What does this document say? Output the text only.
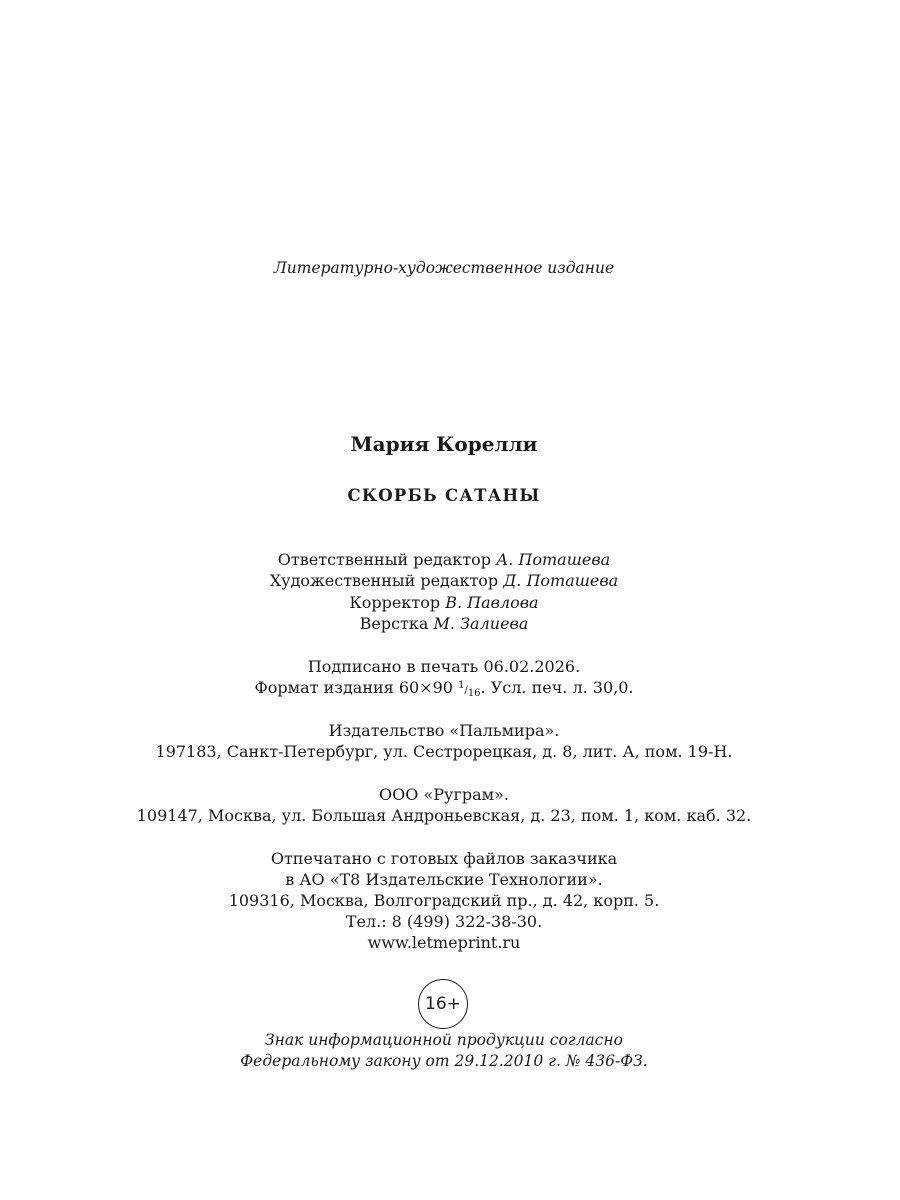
Литературно-художественное издание
Мария Корелли
СКОРБЬ САТАНЫ
Ответственный редактор А. Поташева
Художественный редактор Д. Поташева
Корректор В. Павлова
Верстка М. Залиева
Подписано в печать 06.02.2026.
Формат издания 60×90 1/16. Усл. печ. л. 30,0.
Издательство «Пальмира».
197183, Санкт-Петербург, ул. Сестрорецкая, д. 8, лит. А, пом. 19-Н.
ООО «Руграм».
109147, Москва, ул. Большая Андроньевская, д. 23, пом. 1, ком. каб. 32.
Отпечатано с готовых файлов заказчика
в АО «Т8 Издательские Технологии».
109316, Москва, Волгоградский пр., д. 42, корп. 5.
Тел.: 8 (499) 322-38-30.
www.letmeprint.ru
16+
Знак информационной продукции согласно
Федеральному закону от 29.12.2010 г. № 436-ФЗ.
